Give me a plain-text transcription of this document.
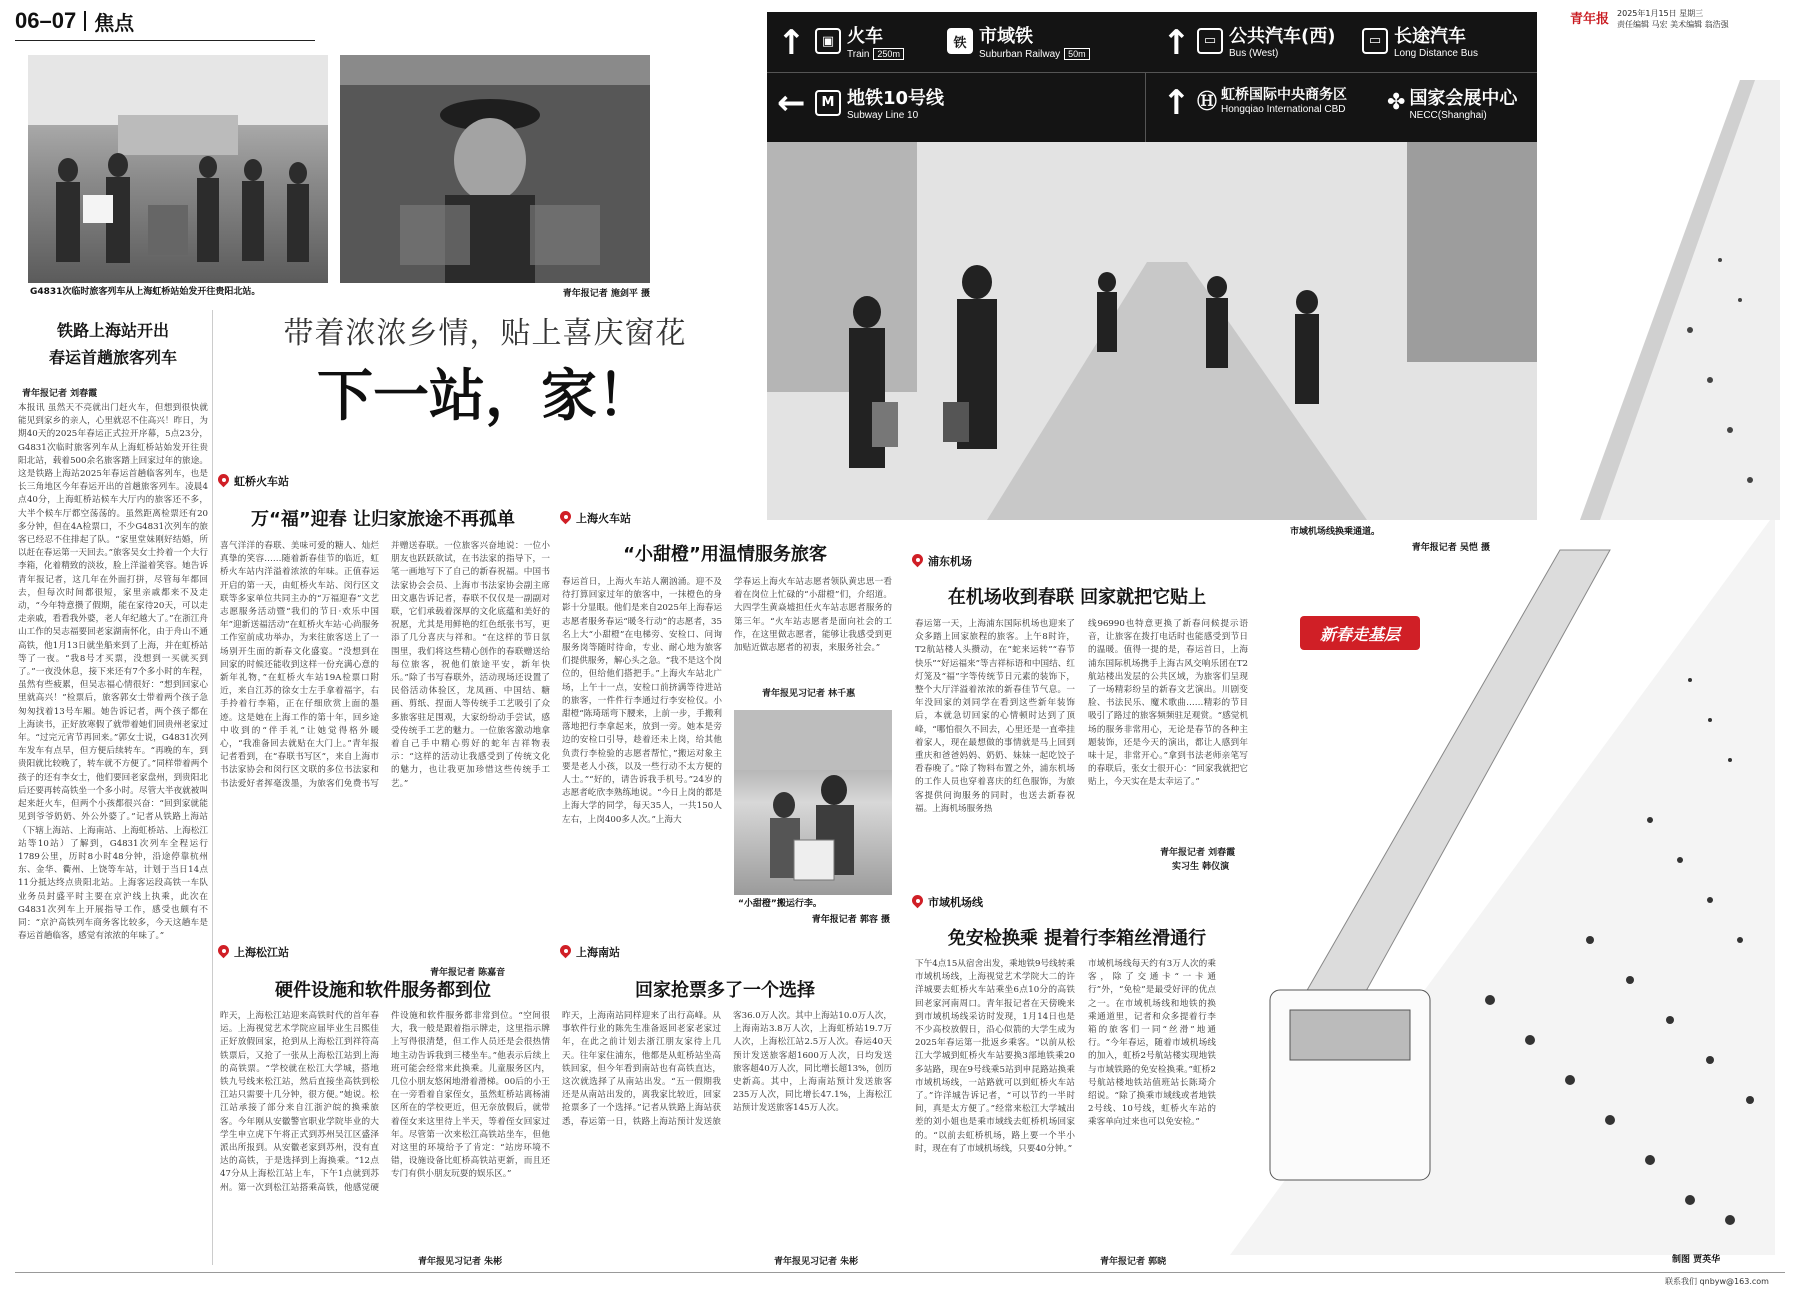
06–07 焦点	青年报 2025年1月15日 星期三
责任编辑 马宏 美术编辑 翁浩强
G4831次临时旅客列车从上海虹桥站始发开往贵阳北站。	青年报记者 施剑平 摄
↑	▣ 火车
Train 250m
铁 市域铁
Suburban Railway 50m ↑	▭ 公共汽车(西)
Bus (West)
▭ 长途汽车
Long Distance Bus
←	M 地铁10号线
Subway Line 10	↑ Ⓗ 虹桥国际中央商务区
Hongqiao International CBD ✤ 国家会展中心
NECC(Shanghai)
市域机场线换乘通道。
青年报记者 吴恺 摄
新春走基层
制图 贾英华
带着浓浓乡情，贴上喜庆窗花
下一站，家！
铁路上海站开出
春运首趟旅客列车
青年报记者 刘春霞
本报讯 虽然天不亮就出门赶火车，但想到很快就能见到家乡的亲人，心里就忍不住高兴！昨日，为期40天的2025年春运正式拉开序幕，5点23分，G4831次临时旅客列车从上海虹桥站始发开往贵阳北站，载着500余名旅客踏上回家过年的旅途。这是铁路上海站2025年春运首趟临客列车，也是长三角地区今年春运开出的首趟旅客列车。凌晨4点40分，上海虹桥站候车大厅内的旅客还不多，大半个候车厅都空荡荡的。虽然距离检票还有20多分钟，但在4A检票口，不少G4831次列车的旅客已经忍不住排起了队。“家里堂妹刚好结婚，所以赶在春运第一天回去。”旅客吴女士拎着一个大行李箱，化着精致的淡妆，脸上洋溢着笑容。她告诉青年报记者，这几年在外面打拼，尽管每年都回去，但每次时间都很短，家里亲戚都来不及走动，“今年特意攒了假期，能在家待20天，可以走走亲戚，看看我外婆，老人年纪越大了。”在浙江舟山工作的吴志福要回老家湖南怀化，由于舟山不通高铁，他1月13日就坐船来到了上海，并在虹桥站等了一夜。“我8号才买票，没想到一买就买到了。”一夜没休息，接下来还有7个多小时的车程，虽然有些疲累，但吴志福心情很好：“想到回家心里就高兴！”检票后，旅客郭女士带着两个孩子急匆匆找着13号车厢。她告诉记者，两个孩子都在上海读书，正好放寒假了就带着她们回贵州老家过年。“过完元宵节再回来。”郭女士说，G4831次列车发车有点早，但方便后续转车。“再晚的车，到贵阳就比较晚了，转车就不方便了。”同样带着两个孩子的还有李女士，他们要回老家盘州，到贵阳北后还要再转高铁坐一个多小时。尽管大半夜就被叫起来赶火车，但两个小孩都很兴奋：“回到家就能见到爷爷奶奶、外公外婆了。”记者从铁路上海站（下辖上海站、上海南站、上海虹桥站、上海松江站等10站）了解到，G4831次列车全程运行1789公里，历时8小时48分钟，沿途停靠杭州东、金华、衢州、上饶等车站，计划于当日14点11分抵达终点贵阳北站。上海客运段高铁一车队业务员封盛平时主要在京沪线上执乘，此次在G4831次列车上开展指导工作，感受也颇有不同：“京沪高铁列车商务客比较多，今天这趟车是春运首趟临客，感觉有浓浓的年味了。”
虹桥火车站
万“福”迎春 让归家旅途不再孤单
喜气洋洋的春联、美味可爱的糖人、灿烂真挚的笑容……随着新春佳节的临近，虹桥火车站内洋溢着浓浓的年味。正值春运开启的第一天，由虹桥火车站、闵行区文联等多家单位共同主办的“万福迎春”文艺志愿服务活动暨“我们的节日·欢乐中国年”迎新送福活动”在虹桥火车站·心尚服务工作室前成功举办，为来往旅客送上了一场别开生面的新春文化盛宴。“没想到在回家的时候还能收到这样一份充满心意的新年礼物，”在虹桥火车站19A检票口附近，来自江苏的徐女士左手拿着福字，右手拎着行李箱，正在仔细欣赏上面的墨迹。这是她在上海工作的第十年，回乡途中收到的“伴手礼”让她觉得格外暖心，“我准备回去就贴在大门上。”青年报记者看到，在“春联书写区”，来自上海市书法家协会和闵行区文联的多位书法家和书法爱好者挥毫泼墨，为旅客们免费书写并赠送春联。一位旅客兴奋地说：一位小朋友也跃跃欲试，在书法家的指导下，一笔一画地写下了自己的新春祝福。中国书法家协会会员、上海市书法家协会副主席田文惠告诉记者，春联不仅仅是一副副对联，它们承载着深厚的文化底蕴和美好的祝愿，尤其是用鲜艳的红色纸张书写，更添了几分喜庆与祥和。“在这样的节日氛围里，我们将这些精心创作的春联赠送给每位旅客，祝他们旅途平安，新年快乐。”除了书写春联外，活动现场还设置了民俗活动体验区，龙凤画、中国结、糖画、剪纸、捏面人等传统手工艺吸引了众多旅客驻足围观，大家纷纷动手尝试，感受传统手工艺的魅力。一位旅客激动地拿着自己手中精心剪好的蛇年吉祥物表示：“这样的活动让我感受到了传统文化的魅力，也让我更加珍惜这些传统手工艺。”
青年报记者 陈嘉音
上海火车站
“小甜橙”用温情服务旅客
春运首日，上海火车站人潮汹涌。迎不及待打算回家过年的旅客中，一抹橙色的身影十分显眼。他们是来自2025年上海春运志愿者服务春运“暖冬行动”的志愿者，35名上大“小甜橙”在电梯旁、安检口、问询服务岗等随时待命，专业、耐心地为旅客们提供服务，解心头之急。“我不是这个岗位的，但给他们搭把手。”上海火车站北广场，上午十一点，安检口前挤满等待进站的旅客，一件件行李通过行李安检仪。小甜橙“陈琦瑶弯下腰来，上前一步，手搬利落地把行李拿起来，放到一旁。她本是旁边的安检口引导，趁着还未上岗，给其他负责行李检验的志愿者帮忙，”搬运对象主要是老人小孩，以及一些行动不太方便的人士。”“好的，请告诉我手机号。”24岁的志愿者屹欣李熟练地说。“今日上岗的都是上海大学的同学，每天35人，一共150人左右，上岗400多人次。”上海大
学春运上海火车站志愿者领队黄忠思一看着在岗位上忙碌的“小甜橙”们，介绍道。大四学生黄焱墟担任火车站志愿者服务的第三年。“火车站志愿者是面向社会的工作，在这里做志愿者，能够让我感受到更加贴近做志愿者的初衷，来服务社会。”
青年报见习记者 林千惠
“小甜橙”搬运行李。
青年报记者 郭容 摄
浦东机场
在机场收到春联 回家就把它贴上
春运第一天，上海浦东国际机场也迎来了众多踏上回家旅程的旅客。上午8时许，T2航站楼人头攒动，在“蛇来运转”“春节快乐”“好运福来”等吉祥标语和中国结、红灯笼及“福”字等传统节日元素的装饰下，整个大厅洋溢着浓浓的新春佳节气息。一年没回家的刘同学在看到这些新年装饰后，本就急切回家的心情顿时达到了顶峰，“哪怕很久不回去，心里还是一直牵挂着家人，现在最想做的事情就是马上回到重庆和爸爸妈妈、奶奶、妹妹一起吃饺子看春晚了。”除了物料布置之外，浦东机场的工作人员也穿着喜庆的红色服饰，为旅客提供问询服务的同时，也送去新春祝福。上海机场服务热
线96990也特意更换了新春问候提示语音，让旅客在拨打电话时也能感受到节日的温暖。值得一提的是，春运首日，上海浦东国际机场携手上海古风交响乐团在T2航站楼出发层的公共区域，为旅客们呈现了一场精彩纷呈的新春文艺演出。川剧变脸、书法民乐、魔术歌曲……精彩的节目吸引了路过的旅客频频驻足观赏。“感觉机场的服务非常用心，无论是春节的各种主题装饰，还是今天的演出，都让人感到年味十足，非常开心。”拿到书法老师亲笔写的春联后，张女士很开心：“回家我就把它贴上，今天实在是太幸运了。”
青年报记者 刘春霞
实习生 韩仪演
上海松江站
硬件设施和软件服务都到位
昨天，上海松江站迎来高铁时代的首年春运。上海视觉艺术学院应届毕业生吕熙佳正好放假回家，抢到从上海松江到祥符高铁票后，又抢了一张从上海松江站到上海的高铁票。“学校就在松江大学城，搭地铁九号线来松江站，然后直接坐高铁到松江站只需要十几分钟，很方便。”她说。松江站承接了部分来自江浙沪皖的换乘旅客。今年刚从安徽警官职业学院毕业的大学生申立虎下午将正式到苏州吴江区盛泽派出所报到。从安徽老家到苏州，没有直达的高铁，于是选择到上海换乘。“12点47分从上海松江站上车，下午1点就到苏州。第一次到松江站搭乘高铁，他感觉硬件设施和软件服务都非常到位。“空间很大，我一般是跟着指示牌走，这里指示牌上写得很清楚，但工作人员还是会很热情地主动告诉我到三楼坐车。”他表示后续上班可能会经常来此换乘。儿童服务区内，几位小朋友悠闲地滑着滑梯。00后的小王在一旁看着自家侄女，虽然虹桥站离杨浦区所在的学校更近，但无奈放假后，就带着侄女来这里待上半天，等着侄女回家过年。尽管第一次来松江高铁站坐车，但他对这里的环境给予了肯定：“站房环境不错，设施设备比虹桥高铁站更新，而且还专门有供小朋友玩耍的娱乐区。”
青年报见习记者 朱彬
上海南站
回家抢票多了一个选择
昨天，上海南站同样迎来了出行高峰。从事软件行业的陈先生准备返回老家老家过年，在此之前计划去浙江朋友家待上几天。往年家住浦东，他都是从虹桥站坐高铁回家，但今年看到南站也有高铁直达，这次就选择了从南站出发。“五一假期我还是从南站出发的，离我家比较近，回家抢票多了一个选择。”记者从铁路上海站获悉，春运第一日，铁路上海站预计发送旅客36.0万人次。其中上海站10.0万人次，上海南站3.8万人次，上海虹桥站19.7万人次，上海松江站2.5万人次。春运40天预计发送旅客超1600万人次，日均发送旅客超40万人次，同比增长超13%，创历史新高。其中，上海南站预计发送旅客235万人次，同比增长47.1%，上海松江站预计发送旅客145万人次。
青年报见习记者 朱彬
市域机场线
免安检换乘 提着行李箱丝滑通行
下午4点15从宿舍出发，乘地铁9号线转乘市域机场线，上海视觉艺术学院大二的许洋城要去虹桥火车站乘坐6点10分的高铁回老家河南周口。青年报记者在天傍晚来到市域机场线采访时发现，1月14日也是不少高校放假日，沿心似箭的大学生成为2025年春运第一批返乡乘客。“以前从松江大学城到虹桥火车站要换3部地铁乘20多站路，现在9号线乘5站到申昆路站换乘市域机场线，一站路就可以到虹桥火车站了。”许洋城告诉记者，“可以节约一半时间，真是太方便了。”经常来松江大学城出差的刘小姐也是乘市域线去虹桥机场回家的。“以前去虹桥机场，路上要一个半小时，现在有了市域机场线，只要40分钟。”
市域机场线每天约有3万人次的乘客，除了交通卡“一卡通行”外，“免检”是最受好评的优点之一。在市域机场线和地铁的换乘通道里，记者和众多提着行李箱的旅客们一同“丝滑”地通行。“今年春运，随着市域机场线的加入，虹桥2号航站楼实现地铁与市域铁路的免安检换乘。”虹桥2号航站楼地铁站值班站长陈琦介绍说。“除了换乘市域线或者地铁2号线、10号线，虹桥火车站的乘客单向过来也可以免安检。”
青年报记者 郭晓
联系我们 qnbyw@163.com
